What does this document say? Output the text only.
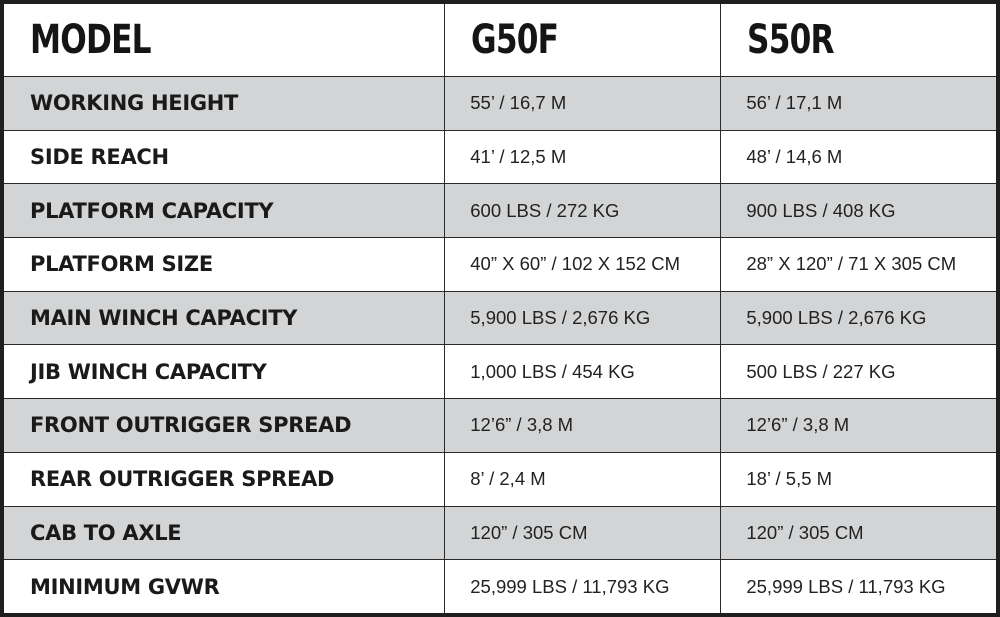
MODEL	G50F	S50R
WORKING HEIGHT	55’ / 16,7 M	56’ / 17,1 M
SIDE REACH	41’ / 12,5 M	48’ / 14,6 M
PLATFORM CAPACITY	600 LBS / 272 KG	900 LBS / 408 KG
PLATFORM SIZE	40” X 60” / 102 X 152 CM	28” X 120” / 71 X 305 CM
MAIN WINCH CAPACITY	5,900 LBS / 2,676 KG	5,900 LBS / 2,676 KG
JIB WINCH CAPACITY	1,000 LBS / 454 KG	500 LBS / 227 KG
FRONT OUTRIGGER SPREAD	12’6” / 3,8 M	12’6” / 3,8 M
REAR OUTRIGGER SPREAD	8’ / 2,4 M	18’ / 5,5 M
CAB TO AXLE	120” / 305 CM	120” / 305 CM
MINIMUM GVWR	25,999 LBS / 11,793 KG	25,999 LBS / 11,793 KG
